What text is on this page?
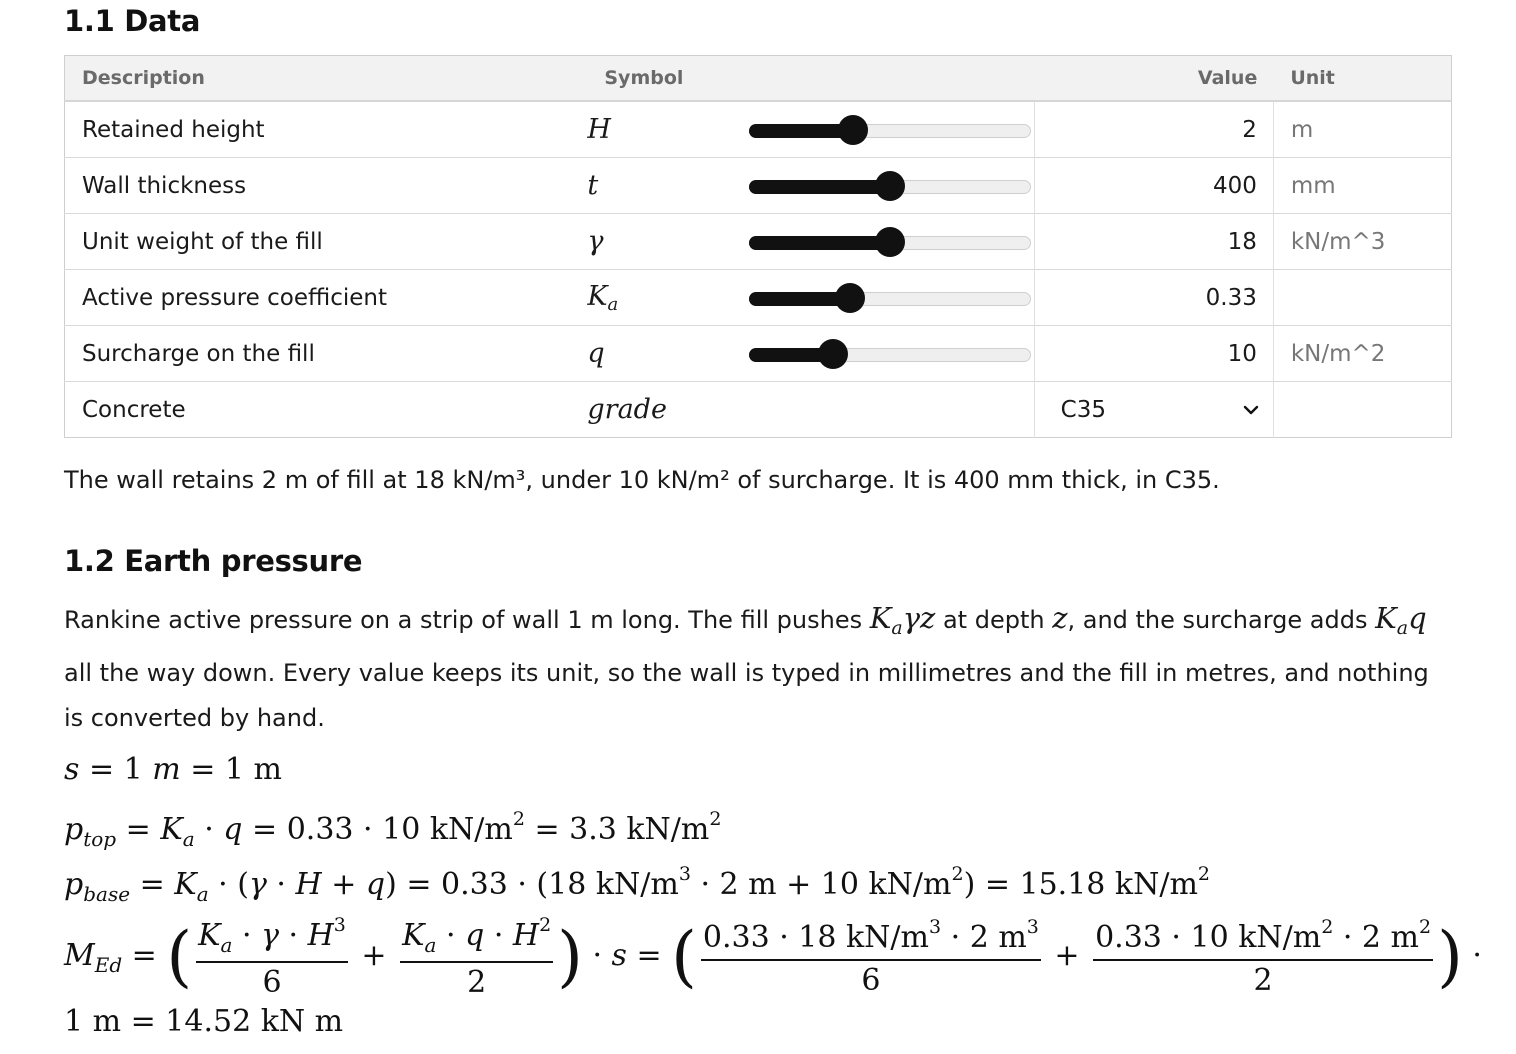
1.1 Data
Description	Symbol		Value	Unit
Retained height	H		2	m
Wall thickness	t		400	mm
Unit weight of the fill	γ		18	kN/m^3
Active pressure coefficient	$K_a$		0.33	
Surcharge on the fill	q		10	kN/m^2
Concrete	grade		C35	

The wall retains 2 m of fill at 18 kN/m³, under 10 kN/m² of surcharge. It is 400 mm thick, in C35.

1.2 Earth pressure

Rankine active pressure on a strip of wall 1 m long. The fill pushes $K_a\gamma z$ at depth z, and the surcharge adds $K_aq$ all the way down. Every value keeps its unit, so the wall is typed in millimetres and the fill in metres, and nothing is converted by hand.

s = 1 m = 1 m
$p_{top} = K_a \cdot q = 0.33 \cdot 10$ $kN/m^2 = 3.3$ $kN/m^2$
$p_{base} = K_a \cdot (\gamma \cdot H + q) = 0.33 \cdot (18$ $kN/m^3 \cdot 2$ m + 10 $kN/m^2) = 15.18$ $kN/m^2$
$M_{Ed}$ = ( $\frac{K_a \cdot \gamma \cdot H^3}{6} + \frac{K_a \cdot q \cdot H^2}{2}$ ) · s = ( $\frac{0.33 \cdot 18 kN/m^3 \cdot 2 m^3}{6} + \frac{0.33 \cdot 10 kN/m^2 \cdot 2 m^2}{2}$ ) ·
1 m = 14.52 kN m
